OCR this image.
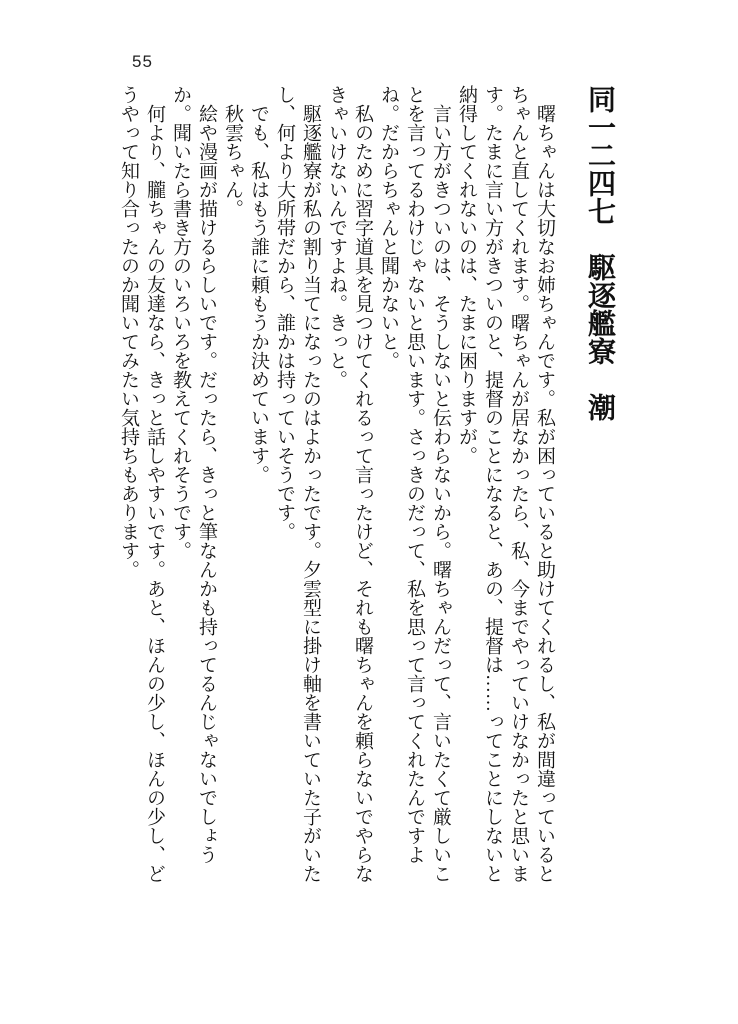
55
同一二四七　駆逐艦寮　潮

曙ちゃんは大切なお姉ちゃんです。私が困っていると助けてくれるし、私が間違っているとちゃんと直してくれます。曙ちゃんが居なかったら、私、今までやっていけなかったと思います。たまに言い方がきついのと、提督のことになると、あの、提督は……ってことにしないと納得してくれないのは、たまに困りますが。

言い方がきついのは、そうしないと伝わらないから。曙ちゃんだって、言いたくて厳しいことを言ってるわけじゃないと思います。さっきのだって、私を思って言ってくれたんですよね。だからちゃんと聞かないと。

私のために習字道具を見つけてくれるって言ったけど、それも曙ちゃんを頼らないでやらなきゃいけないんですよね。きっと。

駆逐艦寮が私の割り当てになったのはよかったです。夕雲型に掛け軸を書いていた子がいたし、何より大所帯だから、誰かは持っていそうです。

でも、私はもう誰に頼もうか決めています。

秋雲ちゃん。

絵や漫画が描けるらしいです。だったら、きっと筆なんかも持ってるんじゃないでしょうか。聞いたら書き方のいろいろを教えてくれそうです。

何より、朧ちゃんの友達なら、きっと話しやすいです。あと、ほんの少し、ほんの少し、どうやって知り合ったのか聞いてみたい気持ちもあります。
